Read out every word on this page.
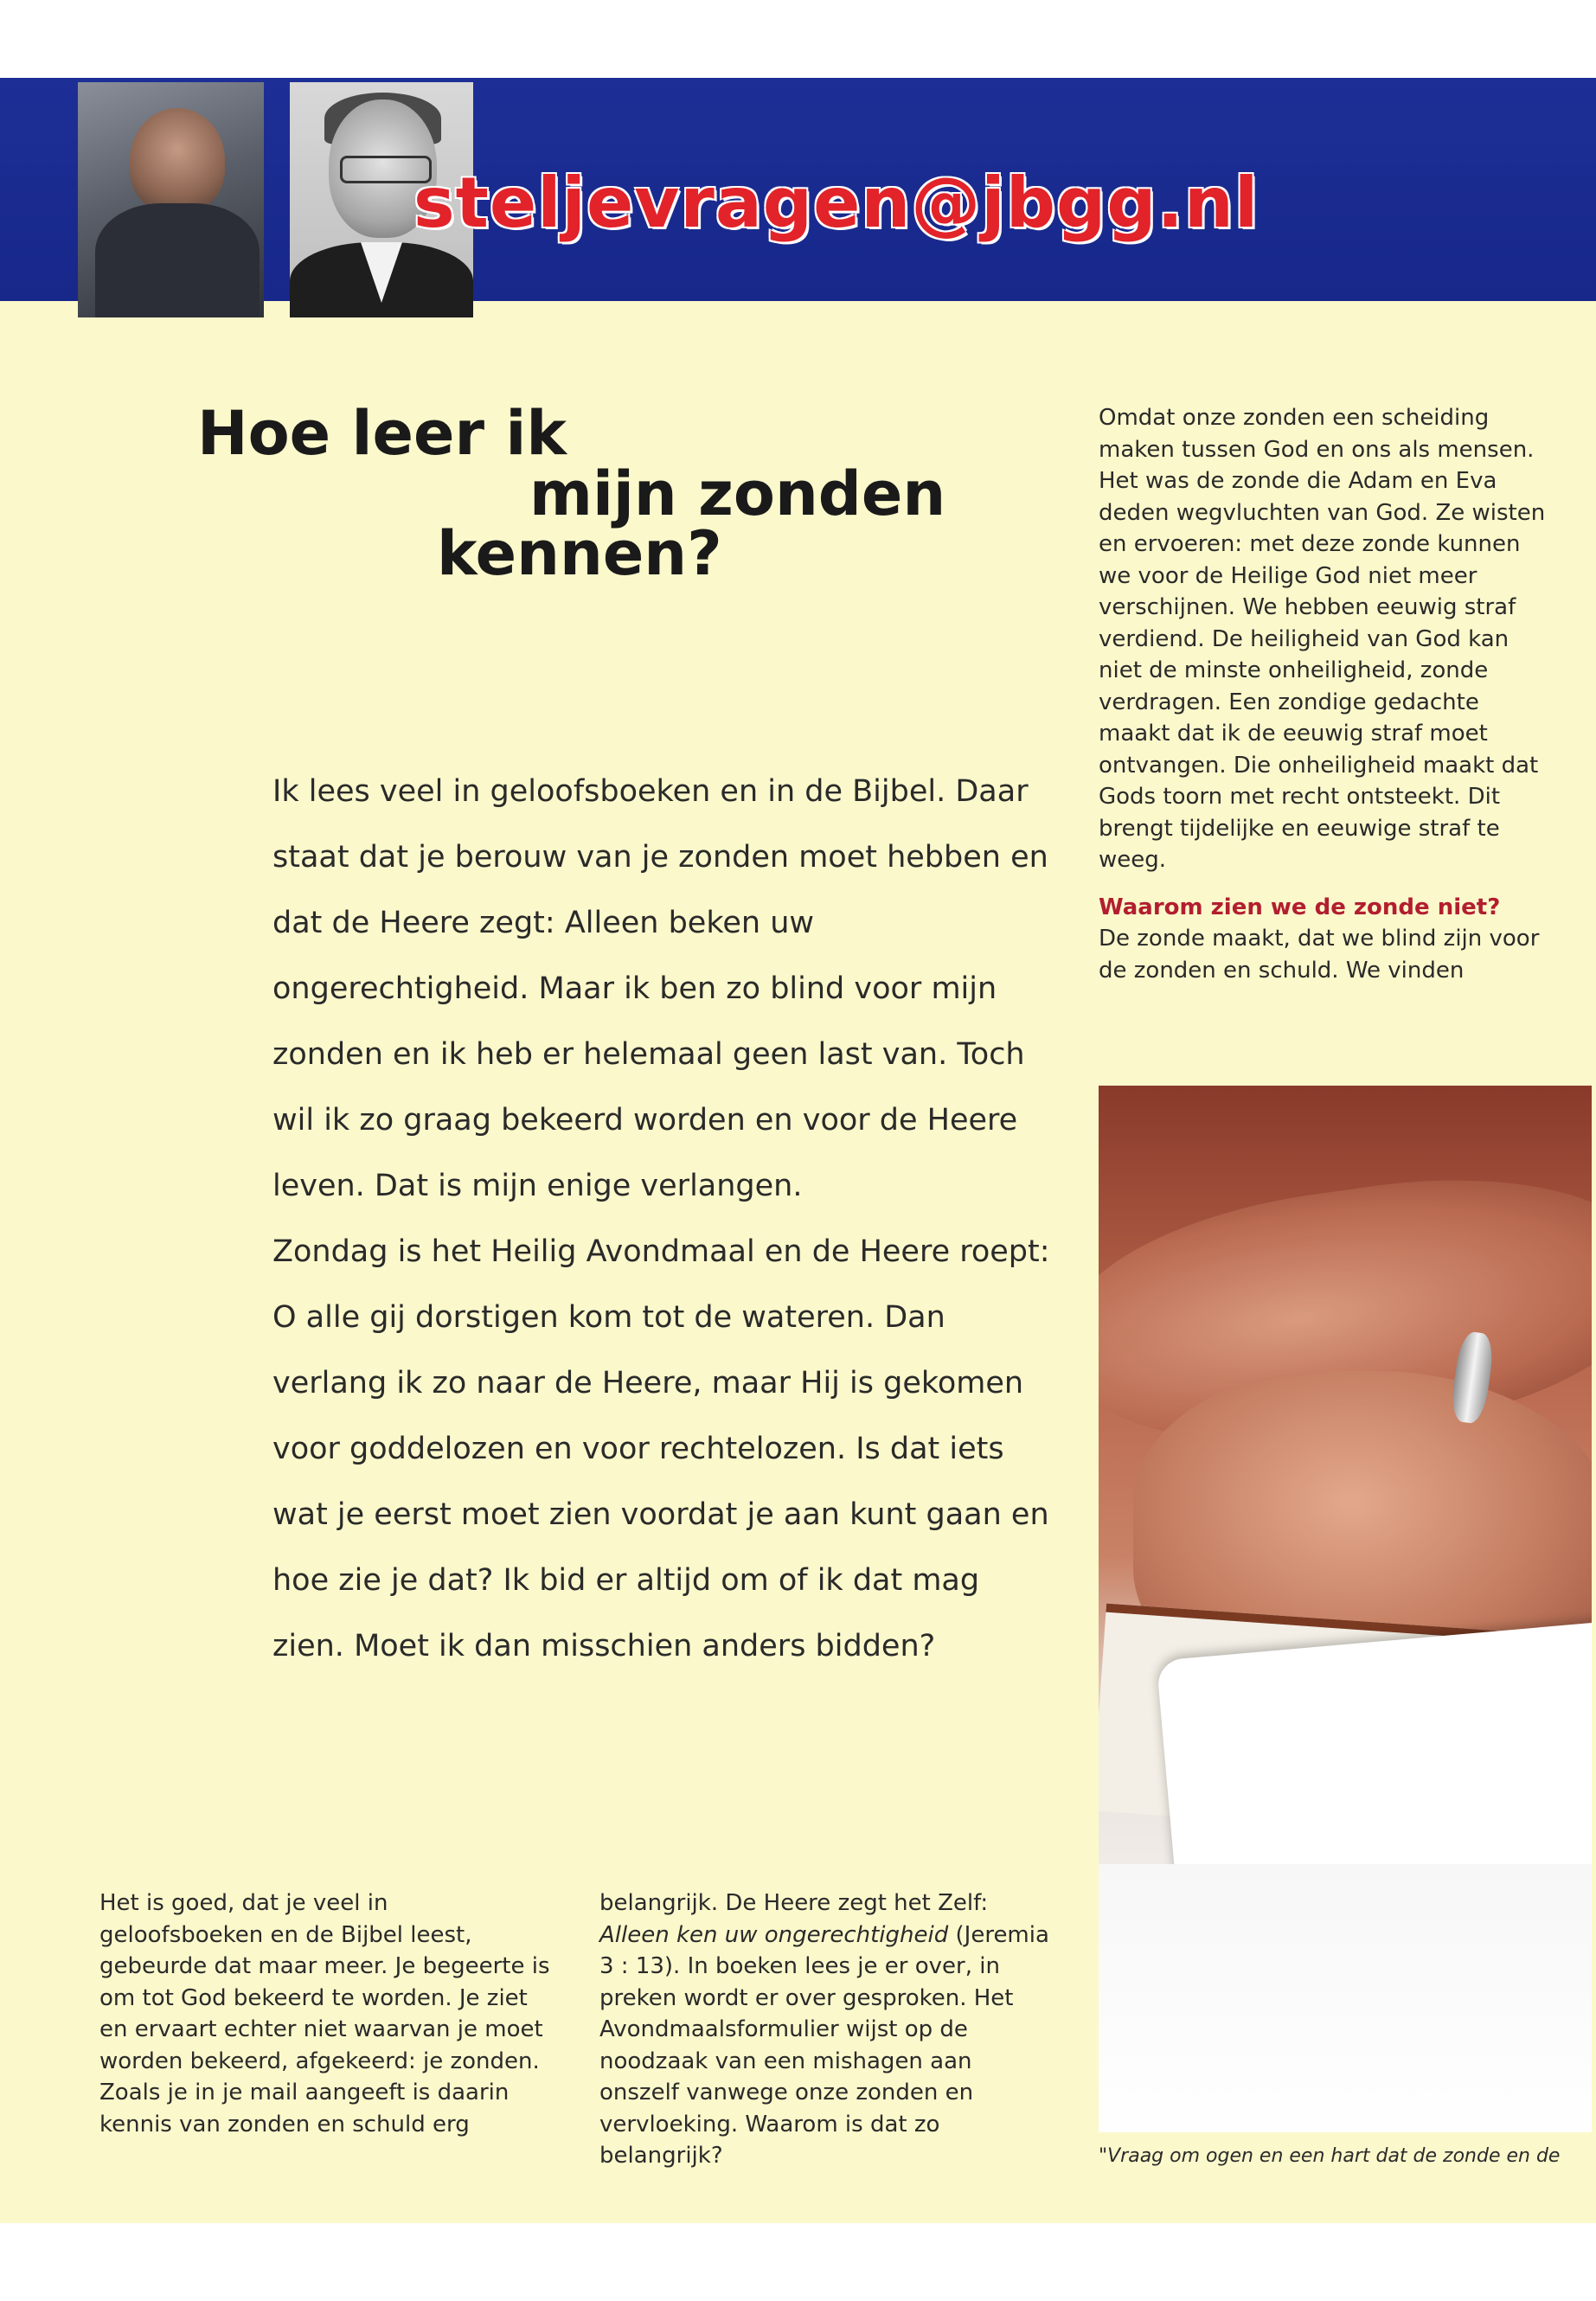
steljevragen@jbgg.nl
Hoe leer ik
mijn zonden
kennen?

Ik lees veel in geloofsboeken en in de Bijbel. Daar staat dat je berouw van je zonden moet hebben en dat de Heere zegt: Alleen beken uw ongerechtigheid. Maar ik ben zo blind voor mijn zonden en ik heb er helemaal geen last van. Toch wil ik zo graag bekeerd worden en voor de Heere leven. Dat is mijn enige verlangen.

Zondag is het Heilig Avondmaal en de Heere roept: O alle gij dorstigen kom tot de wateren. Dan verlang ik zo naar de Heere, maar Hij is gekomen voor goddelozen en voor rechtelozen. Is dat iets wat je eerst moet zien voordat je aan kunt gaan en hoe zie je dat? Ik bid er altijd om of ik dat mag zien. Moet ik dan misschien anders bidden?

Omdat onze zonden een scheiding maken tussen God en ons als mensen. Het was de zonde die Adam en Eva deden wegvluchten van God. Ze wisten en ervoeren: met deze zonde kunnen we voor de Heilige God niet meer verschijnen. We hebben eeuwig straf verdiend. De heiligheid van God kan niet de minste onheiligheid, zonde verdragen. Een zondige gedachte maakt dat ik de eeuwig straf moet ontvangen. Die onheiligheid maakt dat Gods toorn met recht ontsteekt. Dit brengt tijdelijke en eeuwige straf te weeg.

Waarom zien we de zonde niet?

De zonde maakt, dat we blind zijn voor de zonden en schuld. We vinden

Het is goed, dat je veel in geloofsboeken en de Bijbel leest, gebeurde dat maar meer. Je begeerte is om tot God bekeerd te worden. Je ziet en ervaart echter niet waarvan je moet worden bekeerd, afgekeerd: je zonden.

Zoals je in je mail aangeeft is daarin kennis van zonden en schuld erg

belangrijk. De Heere zegt het Zelf: Alleen ken uw ongerechtigheid (Jeremia 3 : 13). In boeken lees je er over, in preken wordt er over gesproken. Het Avondmaalsformulier wijst op de noodzaak van een mishagen aan onszelf vanwege onze zonden en vervloeking. Waarom is dat zo belangrijk?	"Vraag om ogen en een hart dat de zonde en de
